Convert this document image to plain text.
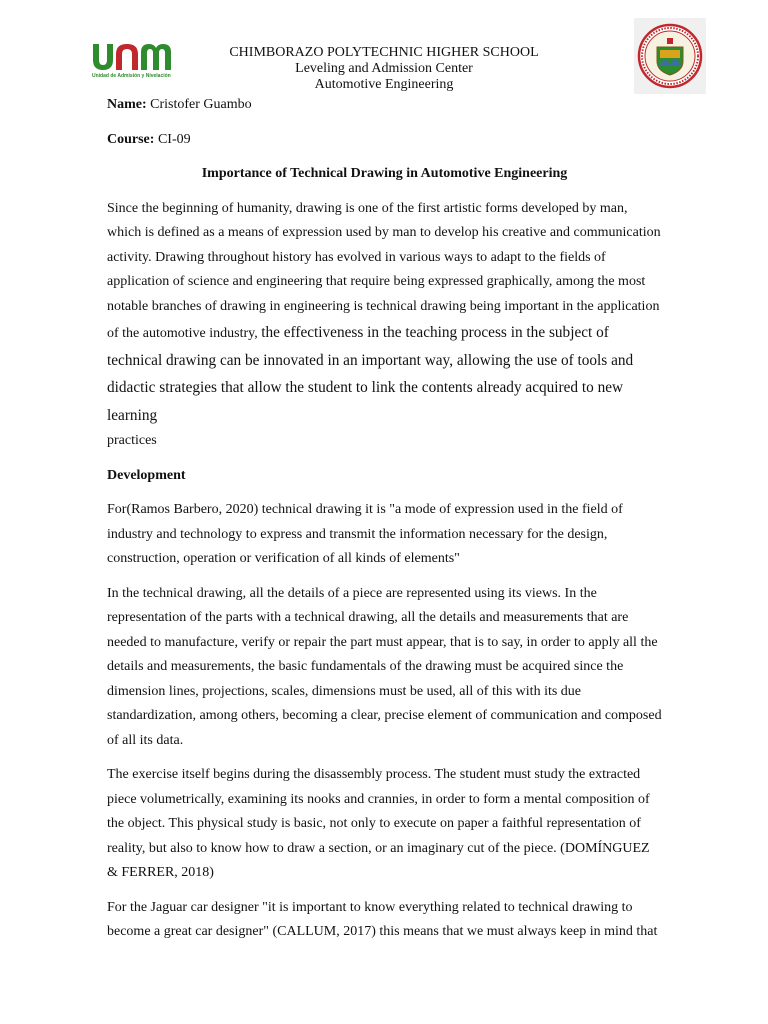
Unidad de Admisión y Nivelación
CHIMBORAZO POLYTECHNIC HIGHER SCHOOL
Leveling and Admission Center
Automotive Engineering

Name: Cristofer Guambo

Course: CI-09

Importance of Technical Drawing in Automotive Engineering

Since the beginning of humanity, drawing is one of the first artistic forms developed by man, which is defined as a means of expression used by man to develop his creative and communication activity. Drawing throughout history has evolved in various ways to adapt to the fields of application of science and engineering that require being expressed graphically, among the most notable branches of drawing in engineering is technical drawing being important in the application of the automotive industry, the effectiveness in the teaching process in the subject of technical drawing can be innovated in an important way, allowing the use of tools and didactic strategies that allow the student to link the contents already acquired to new learning
practices

Development

For(Ramos Barbero, 2020) technical drawing it is "a mode of expression used in the field of industry and technology to express and transmit the information necessary for the design, construction, operation or verification of all kinds of elements"

In the technical drawing, all the details of a piece are represented using its views. In the representation of the parts with a technical drawing, all the details and measurements that are needed to manufacture, verify or repair the part must appear, that is to say, in order to apply all the details and measurements, the basic fundamentals of the drawing must be acquired since the dimension lines, projections, scales, dimensions must be used, all of this with its due standardization, among others, becoming a clear, precise element of communication and composed of all its data.

The exercise itself begins during the disassembly process. The student must study the extracted piece volumetrically, examining its nooks and crannies, in order to form a mental composition of the object. This physical study is basic, not only to execute on paper a faithful representation of reality, but also to know how to draw a section, or an imaginary cut of the piece. (DOMÍNGUEZ & FERRER, 2018)

For the Jaguar car designer "it is important to know everything related to technical drawing to become a great car designer" (CALLUM, 2017) this means that we must always keep in mind that
